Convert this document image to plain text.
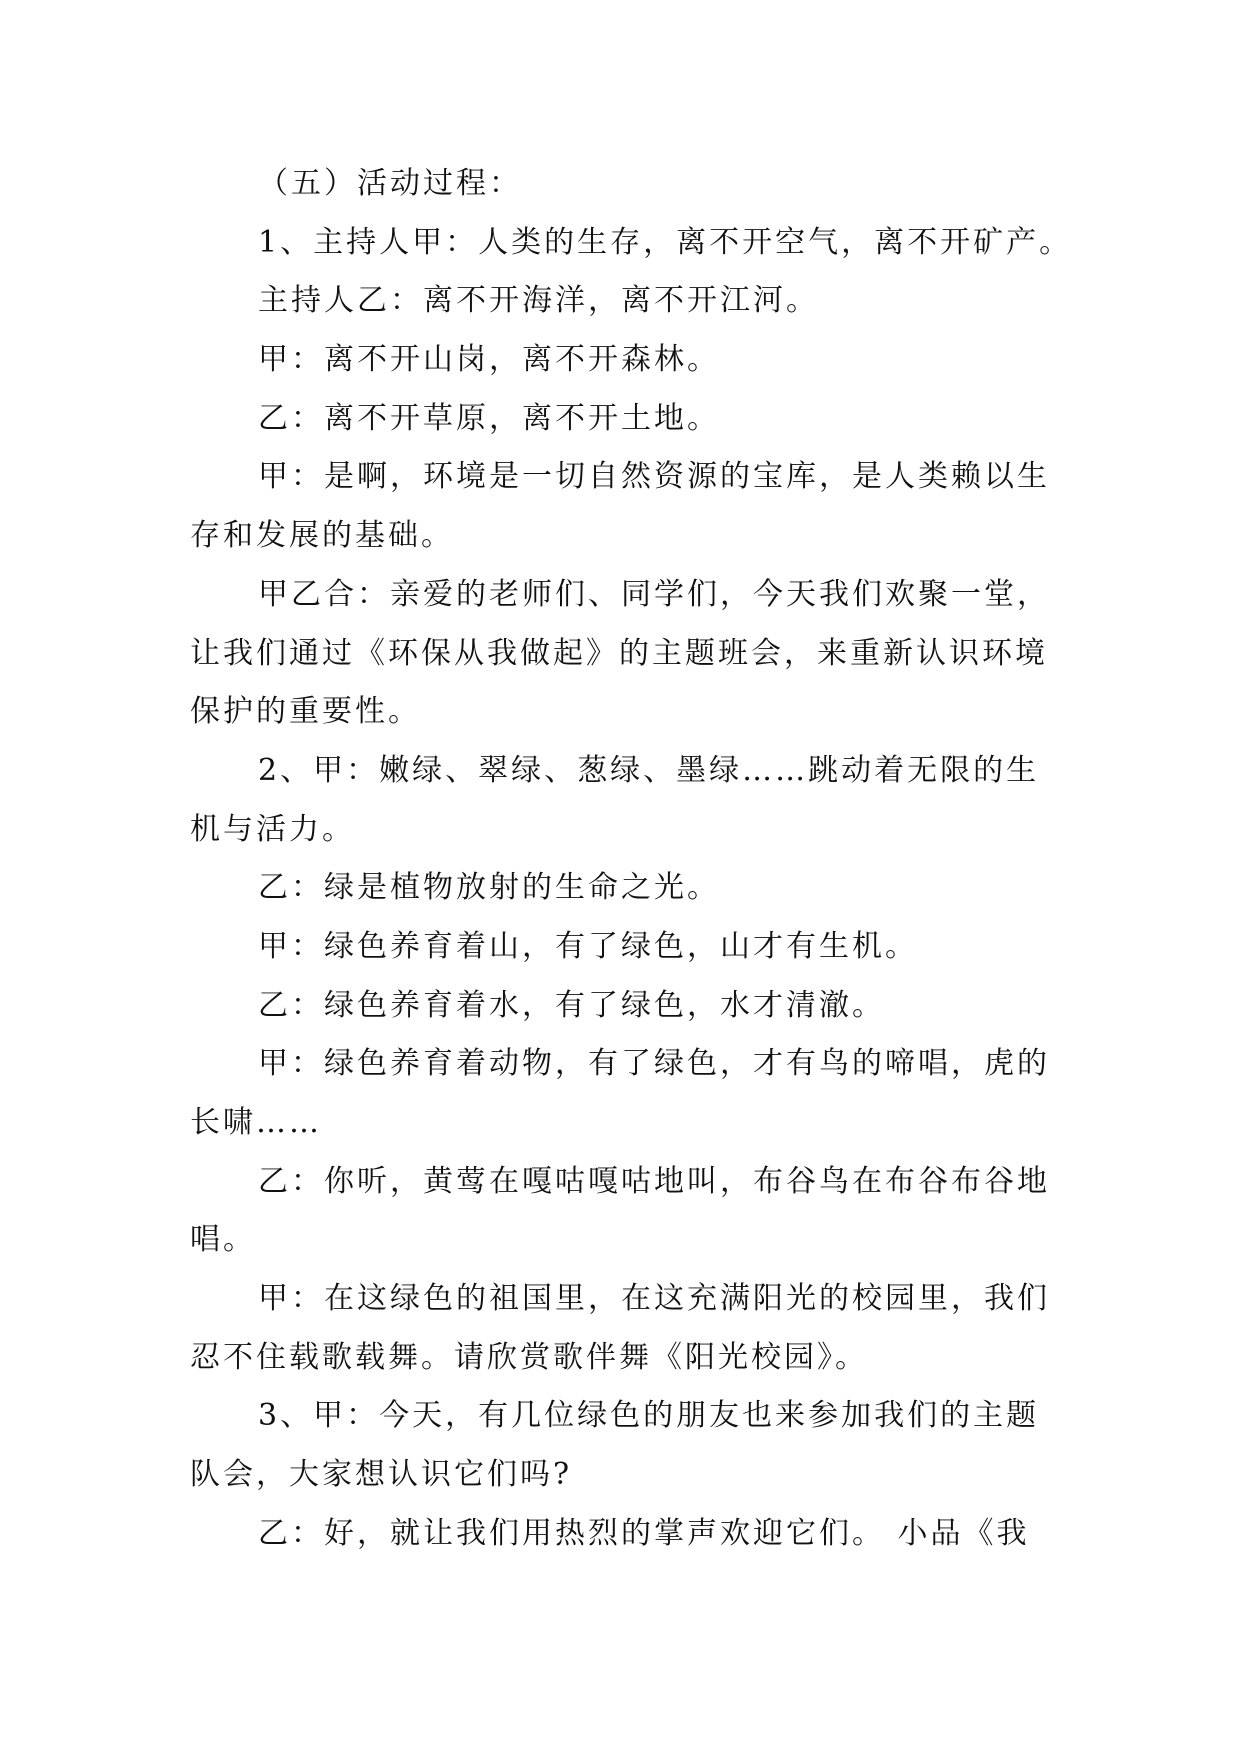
（五）活动过程：
1、主持人甲：人类的生存，离不开空气，离不开矿产。
主持人乙：离不开海洋，离不开江河。
甲：离不开山岗，离不开森林。
乙：离不开草原，离不开土地。
甲：是啊，环境是一切自然资源的宝库，是人类赖以生
存和发展的基础。
甲乙合：亲爱的老师们、同学们，今天我们欢聚一堂，
让我们通过《环保从我做起》的主题班会，来重新认识环境
保护的重要性。
2、甲：嫩绿、翠绿、葱绿、墨绿……跳动着无限的生
机与活力。
乙：绿是植物放射的生命之光。
甲：绿色养育着山，有了绿色，山才有生机。
乙：绿色养育着水，有了绿色，水才清澈。
甲：绿色养育着动物，有了绿色，才有鸟的啼唱，虎的
长啸……
乙：你听，黄莺在嘎咕嘎咕地叫，布谷鸟在布谷布谷地
唱。
甲：在这绿色的祖国里，在这充满阳光的校园里，我们
忍不住载歌载舞。请欣赏歌伴舞《阳光校园》。
3、甲：今天，有几位绿色的朋友也来参加我们的主题
队会，大家想认识它们吗?
乙：好，就让我们用热烈的掌声欢迎它们。 小品《我
